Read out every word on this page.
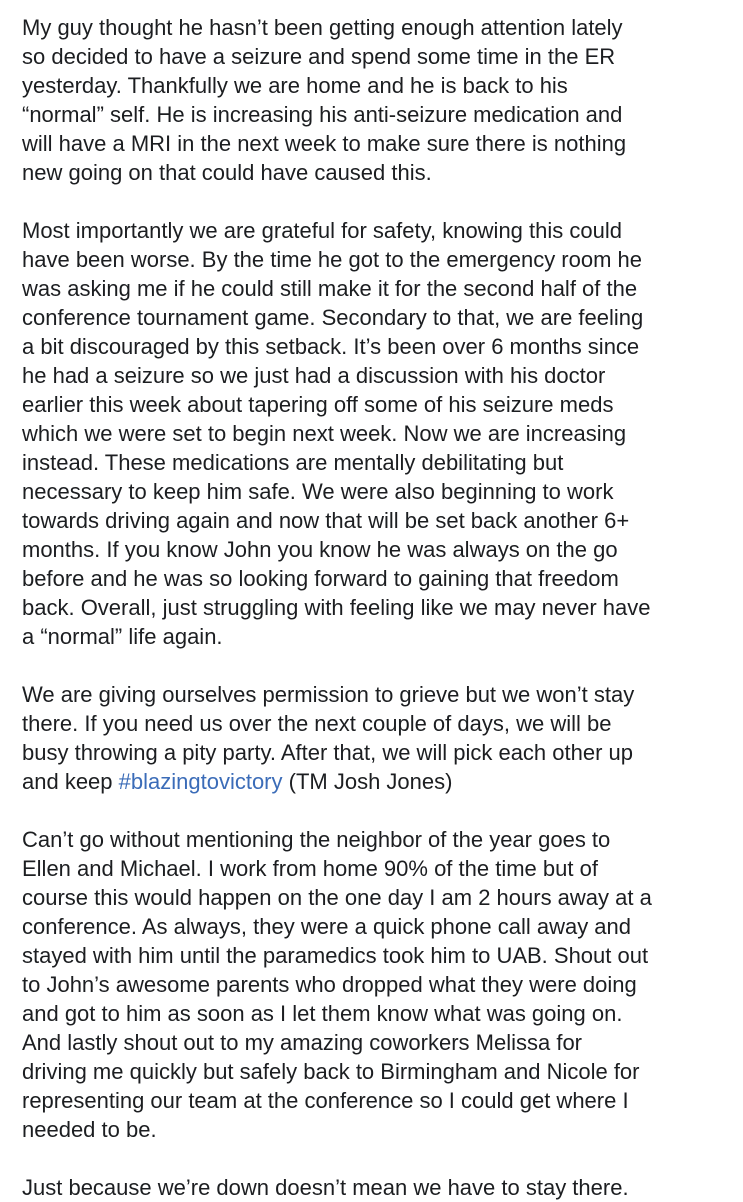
My guy thought he hasn’t been getting enough attention lately
so decided to have a seizure and spend some time in the ER
yesterday. Thankfully we are home and he is back to his
“normal” self. He is increasing his anti-seizure medication and
will have a MRI in the next week to make sure there is nothing
new going on that could have caused this.

Most importantly we are grateful for safety, knowing this could
have been worse. By the time he got to the emergency room he
was asking me if he could still make it for the second half of the
conference tournament game. Secondary to that, we are feeling
a bit discouraged by this setback. It’s been over 6 months since
he had a seizure so we just had a discussion with his doctor
earlier this week about tapering off some of his seizure meds
which we were set to begin next week. Now we are increasing
instead. These medications are mentally debilitating but
necessary to keep him safe. We were also beginning to work
towards driving again and now that will be set back another 6+
months. If you know John you know he was always on the go
before and he was so looking forward to gaining that freedom
back. Overall, just struggling with feeling like we may never have
a “normal” life again.

We are giving ourselves permission to grieve but we won’t stay
there. If you need us over the next couple of days, we will be
busy throwing a pity party. After that, we will pick each other up
and keep #blazingtovictory (TM Josh Jones)

Can’t go without mentioning the neighbor of the year goes to
Ellen and Michael. I work from home 90% of the time but of
course this would happen on the one day I am 2 hours away at a
conference. As always, they were a quick phone call away and
stayed with him until the paramedics took him to UAB. Shout out
to John’s awesome parents who dropped what they were doing
and got to him as soon as I let them know what was going on.
And lastly shout out to my amazing coworkers Melissa for
driving me quickly but safely back to Birmingham and Nicole for
representing our team at the conference so I could get where I
needed to be.

Just because we’re down doesn’t mean we have to stay there.
